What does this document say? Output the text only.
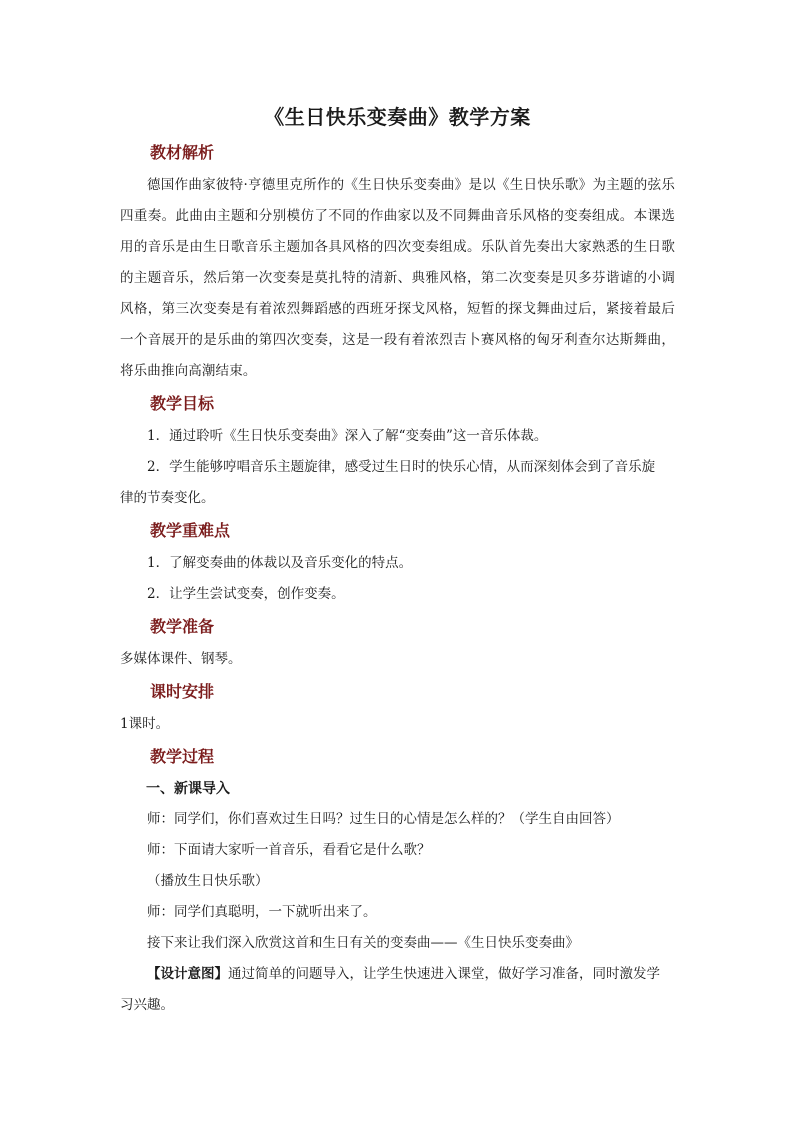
《生日快乐变奏曲》教学方案
教材解析

德国作曲家彼特·亨德里克所作的《生日快乐变奏曲》是以《生日快乐歌》为主题的弦乐四重奏。此曲由主题和分别模仿了不同的作曲家以及不同舞曲音乐风格的变奏组成。本课选用的音乐是由生日歌音乐主题加各具风格的四次变奏组成。乐队首先奏出大家熟悉的生日歌的主题音乐，然后第一次变奏是莫扎特的清新、典雅风格，第二次变奏是贝多芬谐谑的小调风格，第三次变奏是有着浓烈舞蹈感的西班牙探戈风格，短暂的探戈舞曲过后，紧接着最后一个音展开的是乐曲的第四次变奏，这是一段有着浓烈吉卜赛风格的匈牙利查尔达斯舞曲，将乐曲推向高潮结束。

教学目标

1．通过聆听《生日快乐变奏曲》深入了解“变奏曲”这一音乐体裁。

2．学生能够哼唱音乐主题旋律，感受过生日时的快乐心情，从而深刻体会到了音乐旋

律的节奏变化。

教学重难点

1．了解变奏曲的体裁以及音乐变化的特点。

2．让学生尝试变奏，创作变奏。

教学准备

多媒体课件、钢琴。

课时安排

1课时。

教学过程
一、新课导入

师：同学们，你们喜欢过生日吗？过生日的心情是怎么样的？（学生自由回答）

师：下面请大家听一首音乐，看看它是什么歌？

（播放生日快乐歌）

师：同学们真聪明，一下就听出来了。

接下来让我们深入欣赏这首和生日有关的变奏曲——《生日快乐变奏曲》

【设计意图】通过简单的问题导入，让学生快速进入课堂，做好学习准备，同时激发学

习兴趣。
